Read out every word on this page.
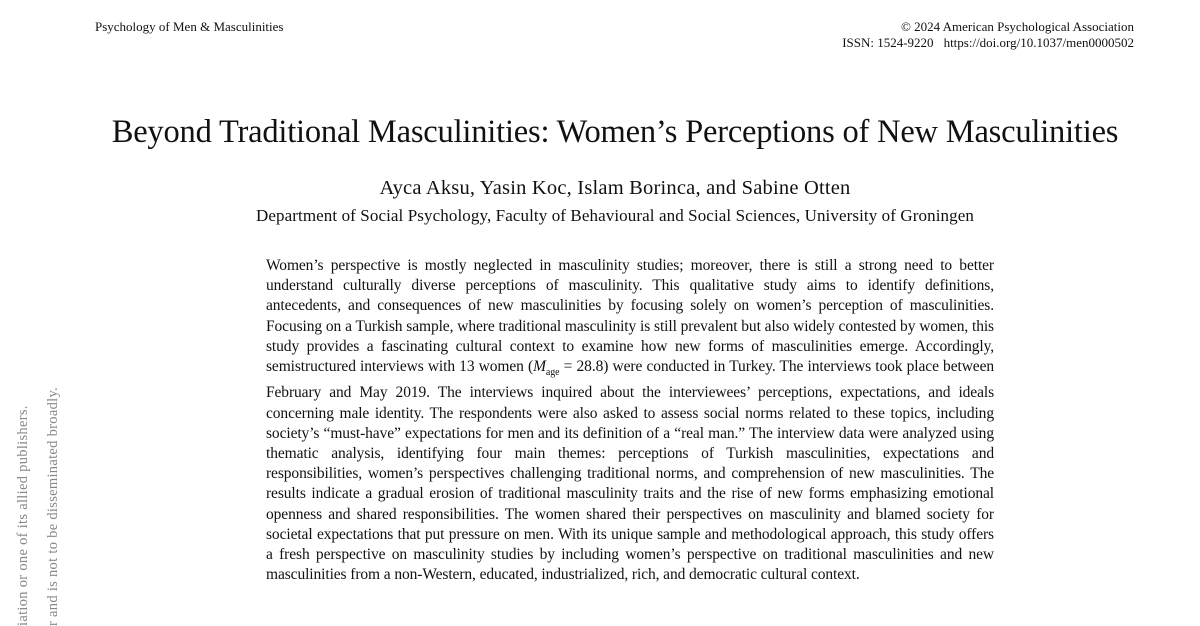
Psychology of Men & Masculinities	© 2024 American Psychological Association
ISSN: 1524-9220 https://doi.org/10.1037/men0000502
Beyond Traditional Masculinities: Women’s Perceptions of New Masculinities
Ayca Aksu, Yasin Koc, Islam Borinca, and Sabine Otten
Department of Social Psychology, Faculty of Behavioural and Social Sciences, University of Groningen
Women’s perspective is mostly neglected in masculinity studies; moreover, there is still a strong need to better understand culturally diverse perceptions of masculinity. This qualitative study aims to identify definitions, antecedents, and consequences of new masculinities by focusing solely on women’s perception of masculinities. Focusing on a Turkish sample, where traditional masculinity is still prevalent but also widely contested by women, this study provides a fascinating cultural context to examine how new forms of masculinities emerge. Accordingly, semistructured interviews with 13 women $(M_{age} = 28.8)$ were conducted in Turkey. The interviews took place between February and May 2019. The interviews inquired about the interviewees’ perceptions, expectations, and ideals concerning male identity. The respondents were also asked to assess social norms related to these topics, including society’s “must-have” expectations for men and its definition of a “real man.” The interview data were analyzed using thematic analysis, identifying four main themes: perceptions of Turkish masculinities, expectations and responsibilities, women’s perspectives challenging traditional norms, and comprehension of new masculinities. The results indicate a gradual erosion of traditional masculinity traits and the rise of new forms emphasizing emotional openness and shared responsibilities. The women shared their perspectives on masculinity and blamed society for societal expectations that put pressure on men. With its unique sample and methodological approach, this study offers a fresh perspective on masculinity studies by including women’s perspective on traditional masculinities and new masculinities from a non-Western, educated, industrialized, rich, and democratic cultural context.
iation or one of its allied publishers. r and is not to be disseminated broadly.
